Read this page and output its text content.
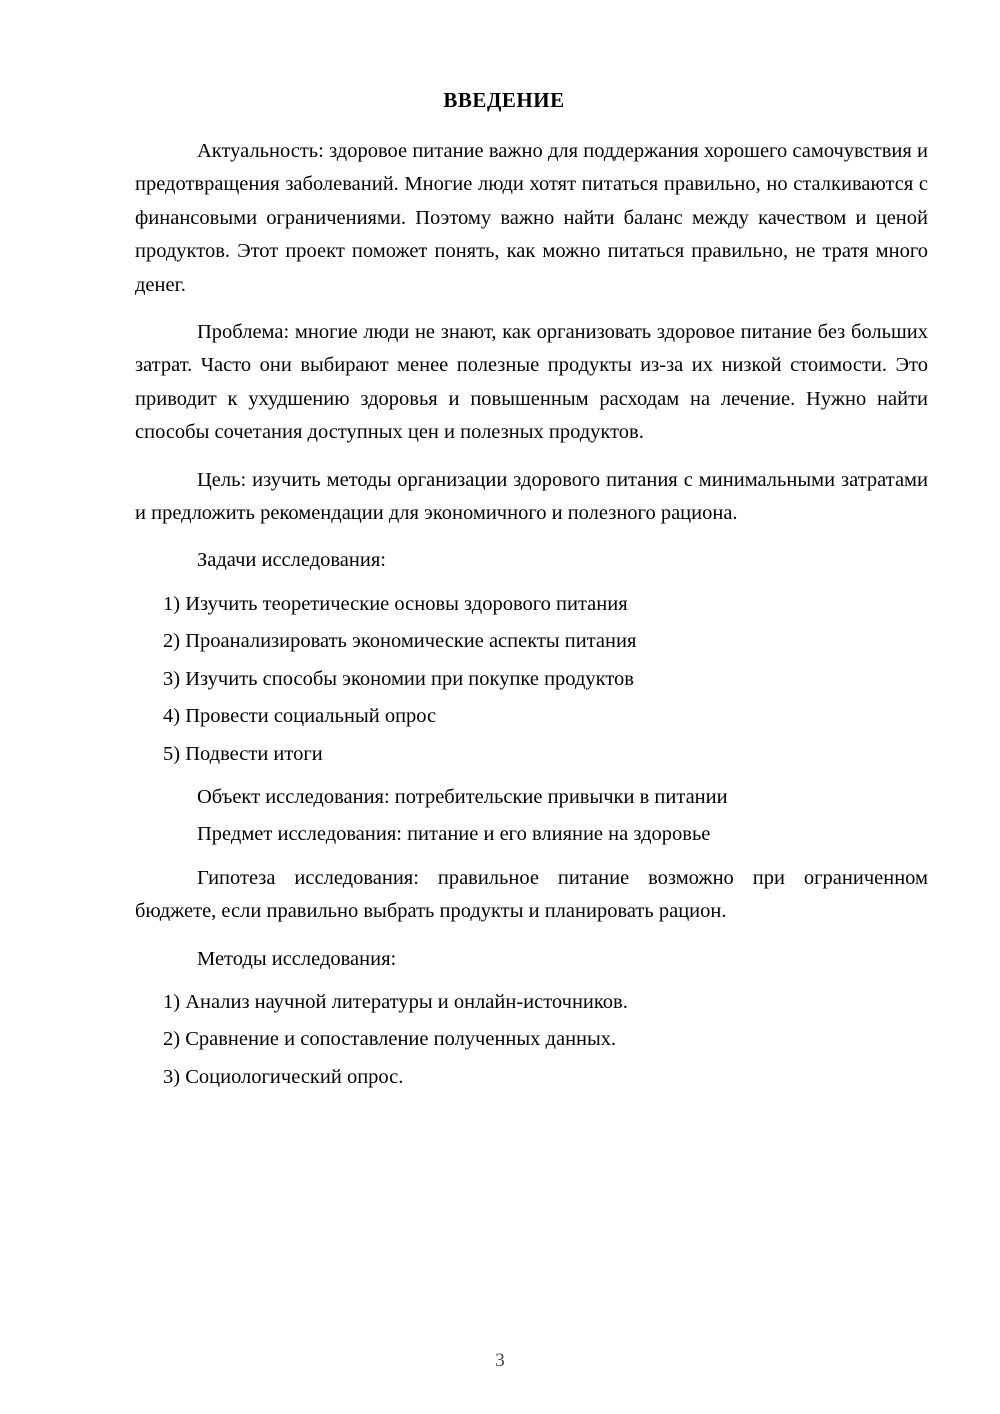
ВВЕДЕНИЕ

Актуальность: здоровое питание важно для поддержания хорошего самочувствия и предотвращения заболеваний. Многие люди хотят питаться правильно, но сталкиваются с финансовыми ограничениями. Поэтому важно найти баланс между качеством и ценой продуктов. Этот проект поможет понять, как можно питаться правильно, не тратя много денег.

Проблема: многие люди не знают, как организовать здоровое питание без больших затрат. Часто они выбирают менее полезные продукты из-за их низкой стоимости. Это приводит к ухудшению здоровья и повышенным расходам на лечение. Нужно найти способы сочетания доступных цен и полезных продуктов.

Цель: изучить методы организации здорового питания с минимальными затратами и предложить рекомендации для экономичного и полезного рациона.

Задачи исследования:

1) Изучить теоретические основы здорового питания

2) Проанализировать экономические аспекты питания

3) Изучить способы экономии при покупке продуктов

4) Провести социальный опрос

5) Подвести итоги

Объект исследования: потребительские привычки в питании

Предмет исследования: питание и его влияние на здоровье

Гипотеза исследования: правильное питание возможно при ограниченном бюджете, если правильно выбрать продукты и планировать рацион.

Методы исследования:

1) Анализ научной литературы и онлайн-источников.

2) Сравнение и сопоставление полученных данных.

3) Социологический опрос.

3
